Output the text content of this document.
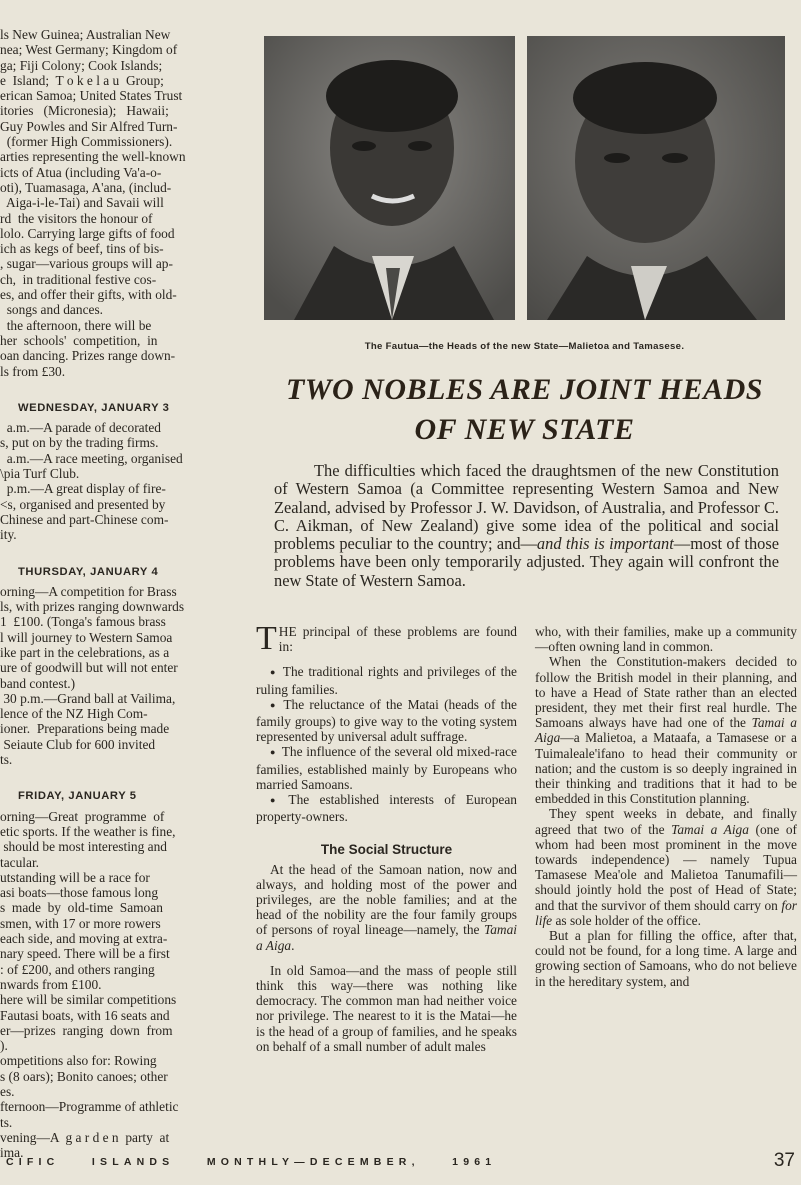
ls New Guinea; Australian New

nea; West Germany; Kingdom of

ga; Fiji Colony; Cook Islands;

e  Island;  T o k e l a u  Group;

erican Samoa; United States Trust

itories   (Micronesia);   Hawaii;

Guy Powles and Sir Alfred Turn-

(former High Commissioners).

arties representing the well-known

icts of Atua (including Va'a-o-

oti), Tuamasaga, A'ana, (includ-

Aiga-i-le-Tai) and Savaii will

rd  the visitors the honour of

lolo. Carrying large gifts of food

ich as kegs of beef, tins of bis-

, sugar—various groups will ap-

ch,  in traditional festive cos-

es, and offer their gifts, with old-

songs and dances.

the afternoon, there will be

her  schools'  competition,  in

oan dancing. Prizes range down-

ls from £30.

WEDNESDAY, JANUARY 3

a.m.—A parade of decorated

s, put on by the trading firms.

a.m.—A race meeting, organised

\pia Turf Club.

p.m.—A great display of fire-

<s, organised and presented by

Chinese and part-Chinese com-

ity.

THURSDAY, JANUARY 4

orning—A competition for Brass

ls, with prizes ranging downwards

1  £100. (Tonga's famous brass

l will journey to Western Samoa

ike part in the celebrations, as a

ure of goodwill but will not enter

band contest.)

30 p.m.—Grand ball at Vailima,

lence of the NZ High Com-

ioner.  Preparations being made

Seiaute Club for 600 invited

ts.

FRIDAY, JANUARY 5

orning—Great  programme  of

etic sports. If the weather is fine,

should be most interesting and

tacular.

utstanding will be a race for

asi boats—those famous long

s  made  by  old-time  Samoan

smen, with 17 or more rowers

each side, and moving at extra-

nary speed. There will be a first

: of £200, and others ranging

nwards from £100.

here will be similar competitions

Fautasi boats, with 16 seats and

er—prizes  ranging  down  from

).

ompetitions also for: Rowing

s (8 oars); Bonito canoes; other

es.

fternoon—Programme of athletic

ts.

vening—A  g a r d e n  party  at

ima.

The Fautua—the Heads of the new State—Malietoa and Tamasese.
TWO NOBLES ARE JOINT HEADS
OF NEW STATE

The difficulties which faced the draughtsmen of the new Constitution of Western Samoa (a Committee representing Western Samoa and New Zealand, advised by Professor J. W. Davidson, of Australia, and Professor C. C. Aikman, of New Zealand) give some idea of the political and social problems peculiar to the country; and—and this is important—most of those problems have been only temporarily adjusted. They again will confront the new State of Western Samoa.

THE principal of these problems are found in:

● The traditional rights and privileges of the ruling families.

● The reluctance of the Matai (heads of the family groups) to give way to the voting system represented by universal adult suffrage.

● The influence of the several old mixed-race families, established mainly by Europeans who married Samoans.

● The established interests of European property-owners.

The Social Structure

At the head of the Samoan nation, now and always, and holding most of the power and privileges, are the noble families; and at the head of the nobility are the four family groups of persons of royal lineage—namely, the Tamai a Aiga.

In old Samoa—and the mass of people still think this way—there was nothing like democracy. The common man had neither voice nor privilege. The nearest to it is the Matai—he is the head of a group of families, and he speaks on behalf of a small number of adult males

who, with their families, make up a community—often owning land in common.

When the Constitution-makers decided to follow the British model in their planning, and to have a Head of State rather than an elected president, they met their first real hurdle. The Samoans always have had one of the Tamai a Aiga—a Malietoa, a Mataafa, a Tamasese or a Tuimaleale'ifano to head their community or nation; and the custom is so deeply ingrained in their thinking and traditions that it had to be embedded in this Constitution planning.

They spent weeks in debate, and finally agreed that two of the Tamai a Aiga (one of whom had been most prominent in the move towards independence) — namely Tupua Tamasese Mea'ole and Malietoa Tanumafili—should jointly hold the post of Head of State; and that the survivor of them should carry on for life as sole holder of the office.

But a plan for filling the office, after that, could not be found, for a long time. A large and growing section of Samoans, who do not believe in the hereditary system, and

CIFIC    ISLANDS    MONTHLY—DECEMBER,    1961	37
